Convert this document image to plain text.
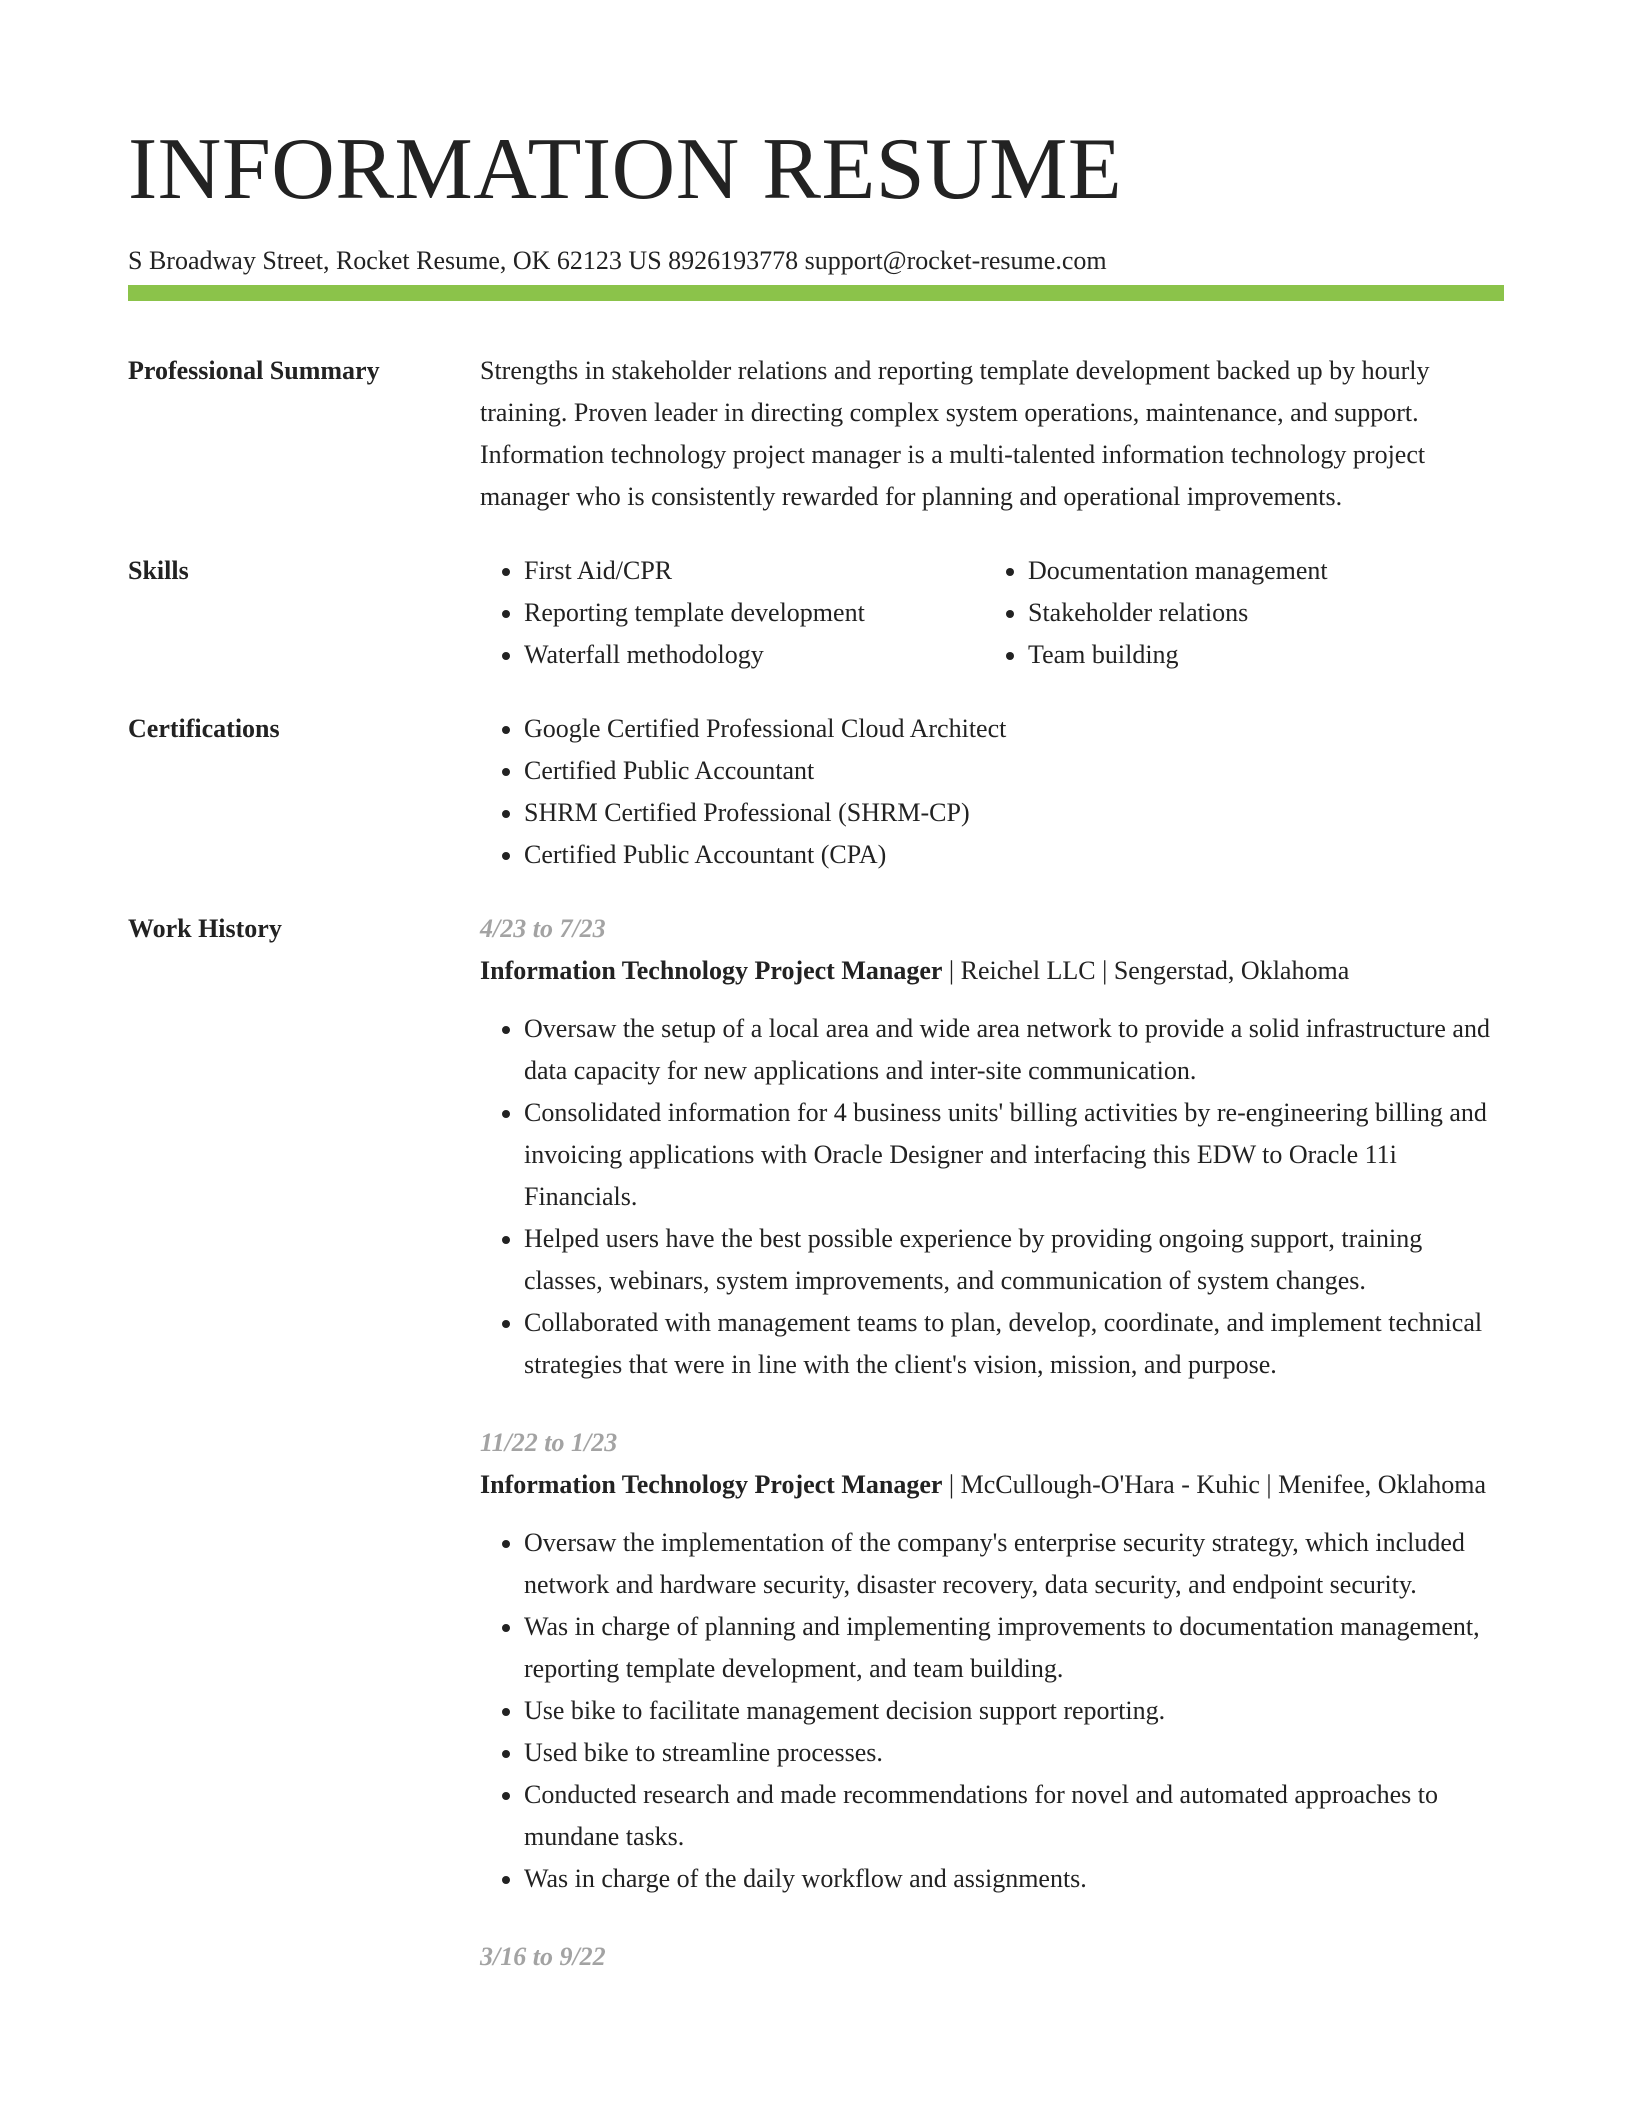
INFORMATION RESUME
S Broadway Street, Rocket Resume, OK 62123 US 8926193778 support@rocket-resume.com
Professional Summary	Strengths in stakeholder relations and reporting template development backed up by hourly training. Proven leader in directing complex system operations, maintenance, and support. Information technology project manager is a multi-talented information technology project manager who is consistently rewarded for planning and operational improvements.

Skills	• First Aid/CPR	• Documentation management
• Reporting template development	• Stakeholder relations
• Waterfall methodology	• Team building
Certifications	• Google Certified Professional Cloud Architect
• Certified Public Accountant
• SHRM Certified Professional (SHRM-CP)
• Certified Public Accountant (CPA)
Work History	4/23 to 7/23
Information Technology Project Manager | Reichel LLC | Sengerstad, Oklahoma
• Oversaw the setup of a local area and wide area network to provide a solid infrastructure and data capacity for new applications and inter-site communication.
• Consolidated information for 4 business units' billing activities by re-engineering billing and invoicing applications with Oracle Designer and interfacing this EDW to Oracle 11i Financials.
• Helped users have the best possible experience by providing ongoing support, training classes, webinars, system improvements, and communication of system changes.
• Collaborated with management teams to plan, develop, coordinate, and implement technical strategies that were in line with the client's vision, mission, and purpose.
11/22 to 1/23
Information Technology Project Manager | McCullough-O'Hara - Kuhic | Menifee, Oklahoma
• Oversaw the implementation of the company's enterprise security strategy, which included network and hardware security, disaster recovery, data security, and endpoint security.
• Was in charge of planning and implementing improvements to documentation management, reporting template development, and team building.
• Use bike to facilitate management decision support reporting.
• Used bike to streamline processes.
• Conducted research and made recommendations for novel and automated approaches to mundane tasks.
• Was in charge of the daily workflow and assignments.
3/16 to 9/22
